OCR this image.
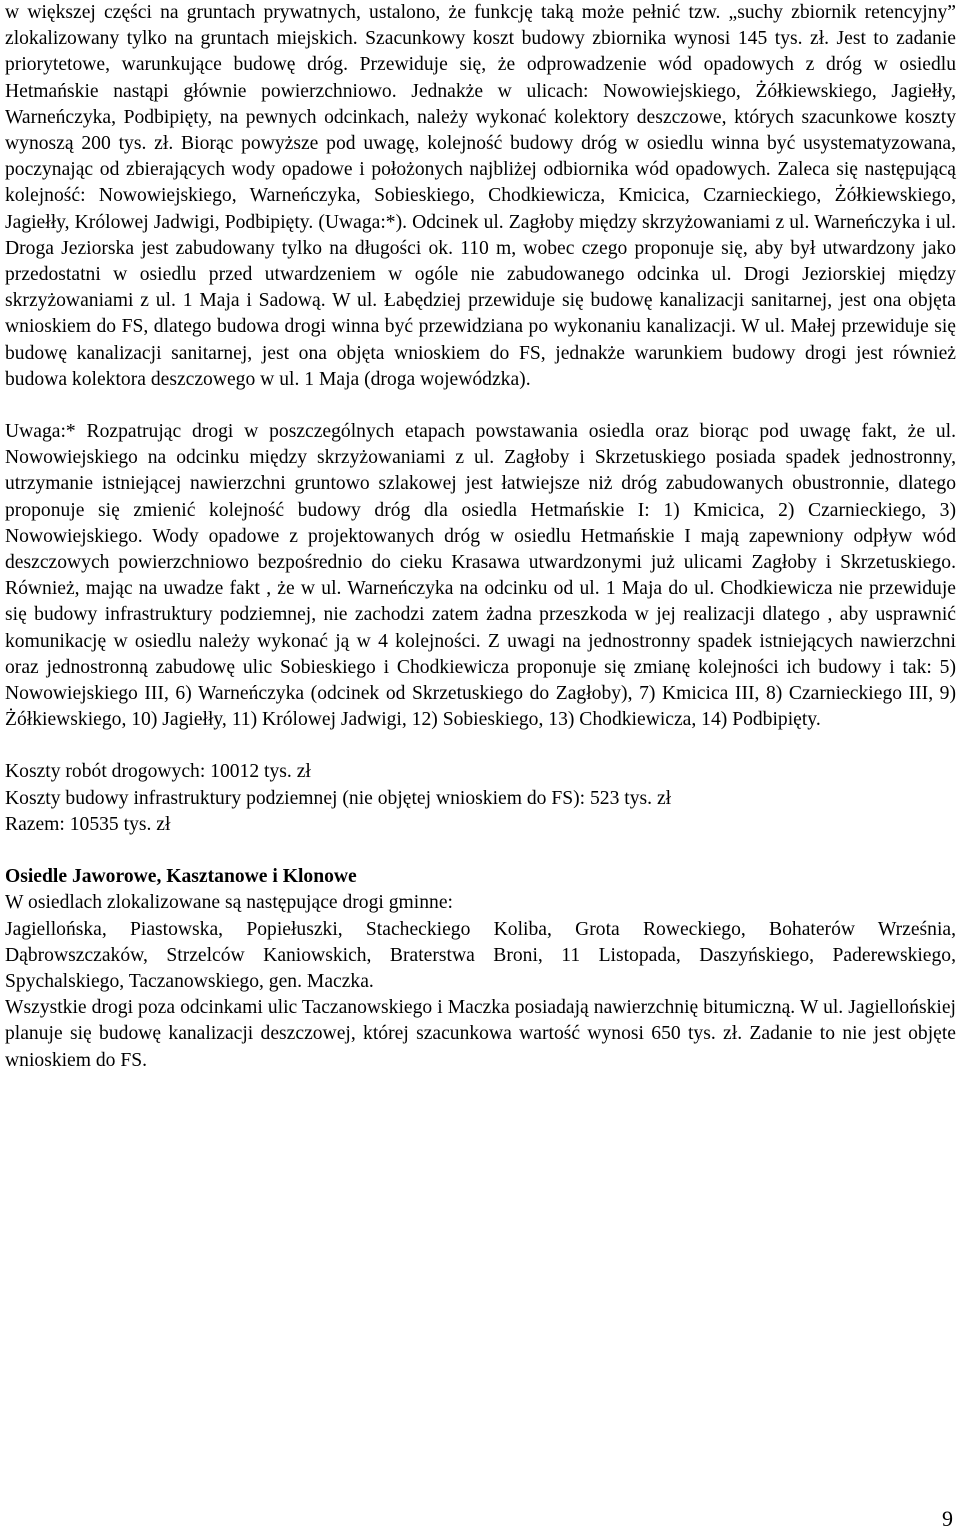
w większej części na gruntach prywatnych, ustalono, że funkcję taką może pełnić tzw. „suchy zbiornik retencyjny” zlokalizowany tylko na gruntach miejskich. Szacunkowy koszt budowy zbiornika wynosi 145 tys. zł. Jest to zadanie priorytetowe, warunkujące budowę dróg. Przewiduje się, że odprowadzenie wód opadowych z dróg w osiedlu Hetmańskie nastąpi głównie powierzchniowo. Jednakże w ulicach: Nowowiejskiego, Żółkiewskiego, Jagiełły, Warneńczyka, Podbipięty, na pewnych odcinkach, należy wykonać kolektory deszczowe, których szacunkowe koszty wynoszą 200 tys. zł. Biorąc powyższe pod uwagę, kolejność budowy dróg w osiedlu winna być usystematyzowana, poczynając od zbierających wody opadowe i położonych najbliżej odbiornika wód opadowych. Zaleca się następującą kolejność: Nowowiejskiego, Warneńczyka, Sobieskiego, Chodkiewicza, Kmicica, Czarnieckiego, Żółkiewskiego, Jagiełły, Królowej Jadwigi, Podbipięty. (Uwaga:*). Odcinek ul. Zagłoby między skrzyżowaniami z ul. Warneńczyka i ul. Droga Jeziorska jest zabudowany tylko na długości ok. 110 m, wobec czego proponuje się, aby był utwardzony jako przedostatni w osiedlu przed utwardzeniem w ogóle nie zabudowanego odcinka ul. Drogi Jeziorskiej między skrzyżowaniami z ul. 1 Maja i Sadową. W ul. Łabędziej przewiduje się budowę kanalizacji sanitarnej, jest ona objęta wnioskiem do FS, dlatego budowa drogi winna być przewidziana po wykonaniu kanalizacji. W ul. Małej przewiduje się budowę kanalizacji sanitarnej, jest ona objęta wnioskiem do FS, jednakże warunkiem budowy drogi jest również budowa kolektora deszczowego w ul. 1 Maja (droga wojewódzka).

Uwaga:* Rozpatrując drogi w poszczególnych etapach powstawania osiedla oraz biorąc pod uwagę fakt, że ul. Nowowiejskiego na odcinku między skrzyżowaniami z ul. Zagłoby i Skrzetuskiego posiada spadek jednostronny, utrzymanie istniejącej nawierzchni gruntowo szlakowej jest łatwiejsze niż dróg zabudowanych obustronnie, dlatego proponuje się zmienić kolejność budowy dróg dla osiedla Hetmańskie I: 1) Kmicica, 2) Czarnieckiego, 3) Nowowiejskiego. Wody opadowe z projektowanych dróg w osiedlu Hetmańskie I mają zapewniony odpływ wód deszczowych powierzchniowo bezpośrednio do cieku Krasawa utwardzonymi już ulicami Zagłoby i Skrzetuskiego. Również, mając na uwadze fakt , że w ul. Warneńczyka na odcinku od ul. 1 Maja do ul. Chodkiewicza nie przewiduje się budowy infrastruktury podziemnej, nie zachodzi zatem żadna przeszkoda w jej realizacji dlatego , aby usprawnić komunikację w osiedlu należy wykonać ją w 4 kolejności. Z uwagi na jednostronny spadek istniejących nawierzchni oraz jednostronną zabudowę ulic Sobieskiego i Chodkiewicza proponuje się zmianę kolejności ich budowy i tak: 5) Nowowiejskiego III, 6) Warneńczyka (odcinek od Skrzetuskiego do Zagłoby), 7) Kmicica III, 8) Czarnieckiego III, 9) Żółkiewskiego, 10) Jagiełły, 11) Królowej Jadwigi, 12) Sobieskiego, 13) Chodkiewicza, 14) Podbipięty.

Koszty robót drogowych: 10012 tys. zł

Koszty budowy infrastruktury podziemnej (nie objętej wnioskiem do FS): 523 tys. zł

Razem: 10535 tys. zł

Osiedle Jaworowe, Kasztanowe i Klonowe

W osiedlach zlokalizowane są następujące drogi gminne:

Jagiellońska, Piastowska, Popiełuszki, Stacheckiego Koliba, Grota Roweckiego, Bohaterów Września, Dąbrowszczaków, Strzelców Kaniowskich, Braterstwa Broni, 11 Listopada, Daszyńskiego, Paderewskiego, Spychalskiego, Taczanowskiego, gen. Maczka.

Wszystkie drogi poza odcinkami ulic Taczanowskiego i Maczka posiadają nawierzchnię bitumiczną. W ul. Jagiellońskiej planuje się budowę kanalizacji deszczowej, której szacunkowa wartość wynosi 650 tys. zł. Zadanie to nie jest objęte wnioskiem do FS.

9
